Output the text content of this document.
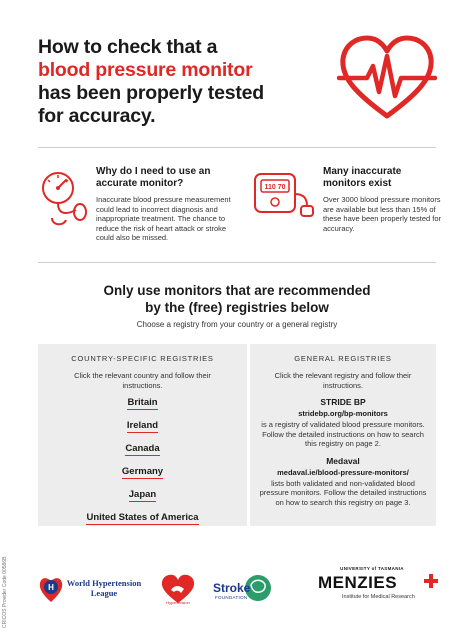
How to check that a
blood pressure monitor
has been properly tested
for accuracy.
Why do I need to use an accurate monitor?
Inaccurate blood pressure measurement could lead to incorrect diagnosis and inappropriate treatment. The chance to reduce the risk of heart attack or stroke could also be missed.
110 70
Many inaccurate monitors exist
Over 3000 blood pressure monitors are available but less than 15% of these have been properly tested for accuracy.
Only use monitors that are recommended
by the (free) registries below
Choose a registry from your country or a general registry
COUNTRY-SPECIFIC REGISTRIES
Click the relevant country and follow their instructions.
Britain
Ireland
Canada
Germany
Japan
United States of America
GENERAL REGISTRIES
Click the relevant registry and follow their instructions.
STRIDE BP
stridebp.org/bp-monitors
is a registry of validated blood pressure monitors. Follow the detailed instructions on how to search this registry on page 2.
Medaval
medaval.ie/blood-pressure-monitors/
lists both validated and non-validated blood pressure monitors. Follow the detailed instructions on how to search this registry on page 3.
CRICOS Provider Code 00586B	H World Hypertension League
Hypertension
Stroke
FOUNDATION
UNIVERSITY of TASMANIA
MENZIES
Institute for Medical Research
